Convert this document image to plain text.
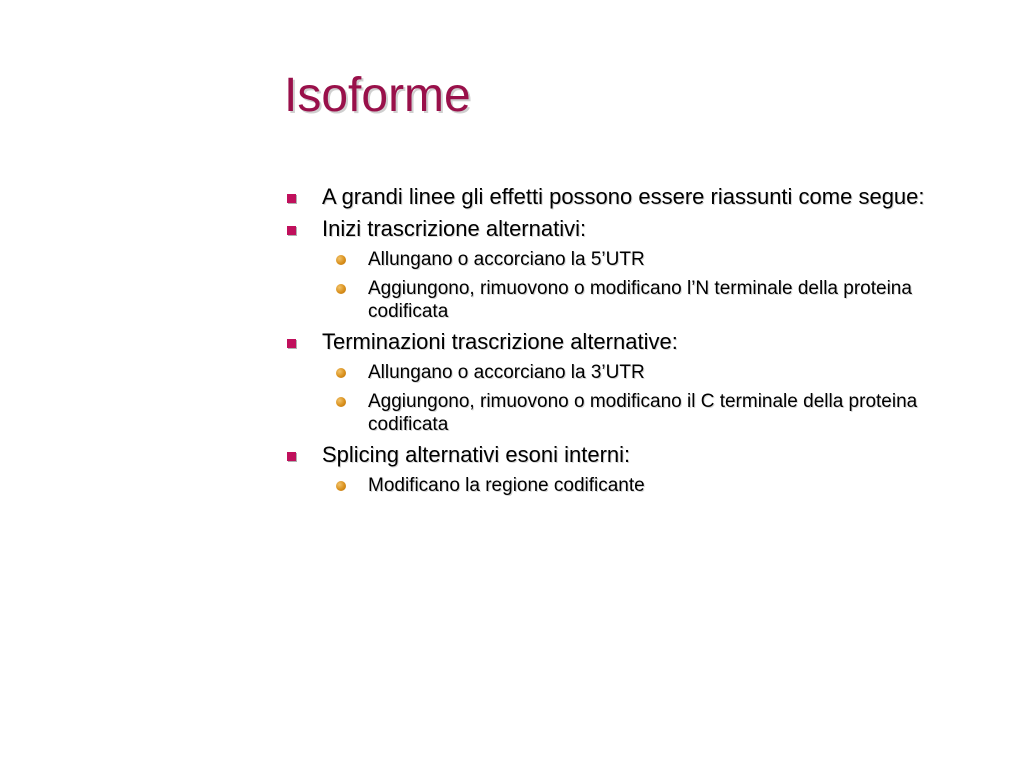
Isoforme
A grandi linee gli effetti possono essere riassunti come segue:
Inizi trascrizione alternativi:
Allungano o accorciano la 5’UTR
Aggiungono, rimuovono o modificano l’N terminale della proteina codificata
Terminazioni trascrizione alternative:
Allungano o accorciano la 3’UTR
Aggiungono, rimuovono o modificano il C terminale della proteina codificata
Splicing alternativi esoni interni:
Modificano la regione codificante
